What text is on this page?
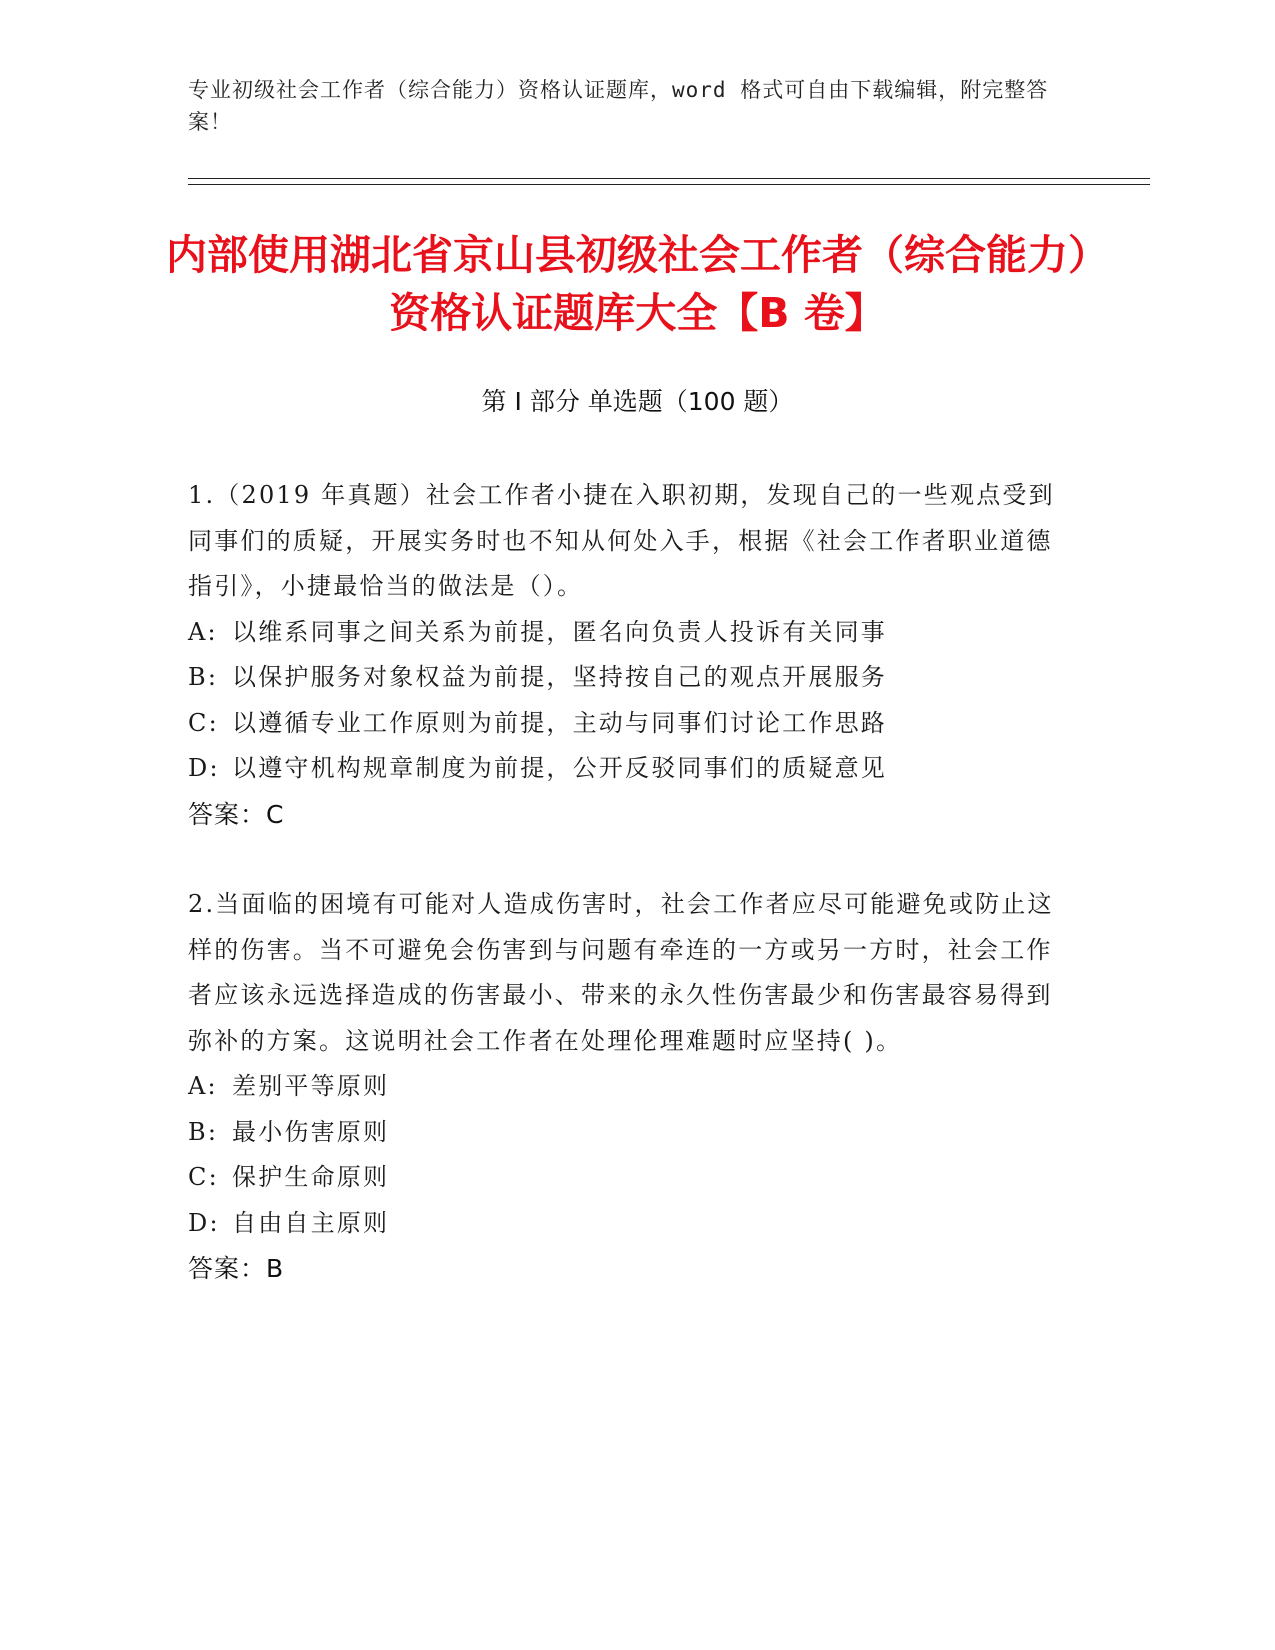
专业初级社会工作者（综合能力）资格认证题库，word 格式可自由下载编辑，附完整答案！
内部使用湖北省京山县初级社会工作者（综合能力）资格认证题库大全【B 卷】
第 I 部分 单选题（100 题）
1.（2019 年真题）社会工作者小捷在入职初期，发现自己的一些观点受到同事们的质疑，开展实务时也不知从何处入手，根据《社会工作者职业道德指引》，小捷最恰当的做法是（）。
A: 以维系同事之间关系为前提，匿名向负责人投诉有关同事
B: 以保护服务对象权益为前提，坚持按自己的观点开展服务
C: 以遵循专业工作原则为前提，主动与同事们讨论工作思路
D: 以遵守机构规章制度为前提，公开反驳同事们的质疑意见
答案：C
2.当面临的困境有可能对人造成伤害时，社会工作者应尽可能避免或防止这样的伤害。当不可避免会伤害到与问题有牵连的一方或另一方时，社会工作者应该永远选择造成的伤害最小、带来的永久性伤害最少和伤害最容易得到弥补的方案。这说明社会工作者在处理伦理难题时应坚持( )。
A: 差别平等原则
B: 最小伤害原则
C: 保护生命原则
D: 自由自主原则
答案：B
